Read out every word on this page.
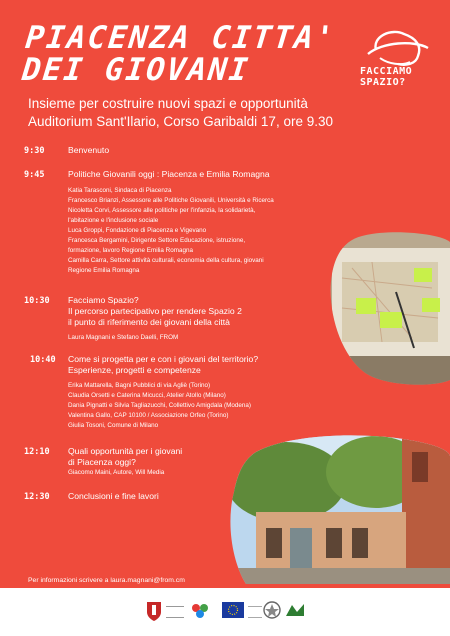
PIACENZA CITTA'
DEI GIOVANI	FACCIAMO
SPAZIO?
Insieme per costruire nuovi spazi e opportunità
Auditorium Sant'Ilario, Corso Garibaldi 17, ore 9.30
9:30	Benvenuto
9:45	Politiche Giovanili oggi : Piacenza e Emilia Romagna
Katia Tarasconi, Sindaca di Piacenza
Francesco Brianzi, Assessore alle Politiche Giovanili, Università e Ricerca
Nicoletta Corvi, Assessore alle politiche per l'infanzia, la solidarietà,
l'abitazione e l'inclusione sociale
Luca Groppi, Fondazione di Piacenza e Vigevano
Francesca Bergamini, Dirigente Settore Educazione, istruzione,
formazione, lavoro Regione Emilia Romagna
Camilla Carra, Settore attività culturali, economia della cultura, giovani
Regione Emilia Romagna
10:30 Facciamo Spazio?
Il percorso partecipativo per rendere Spazio 2
il punto di riferimento dei giovani della città
Laura Magnani e Stefano Daelli, FROM
10:40 Come si progetta per e con i giovani del territorio?
Esperienze, progetti e competenze
Erika Mattarella, Bagni Pubblici di via Agliè (Torino)
Claudia Orsetti e Caterina Micucci, Atelier Atollo (Milano)
Dania Pignatti e Silvia Tagliazucchi, Collettivo Amigdala (Modena)
Valentina Gallo, CAP 10100 / Associazione Orfeo (Torino)
Giulia Tosoni, Comune di Milano
12:10 Quali opportunità per i giovani
di Piacenza oggi?
Giacomo Maini, Autore, Will Media
12:30 Conclusioni e fine lavori
Per informazioni scrivere a laura.magnani@from.cm
